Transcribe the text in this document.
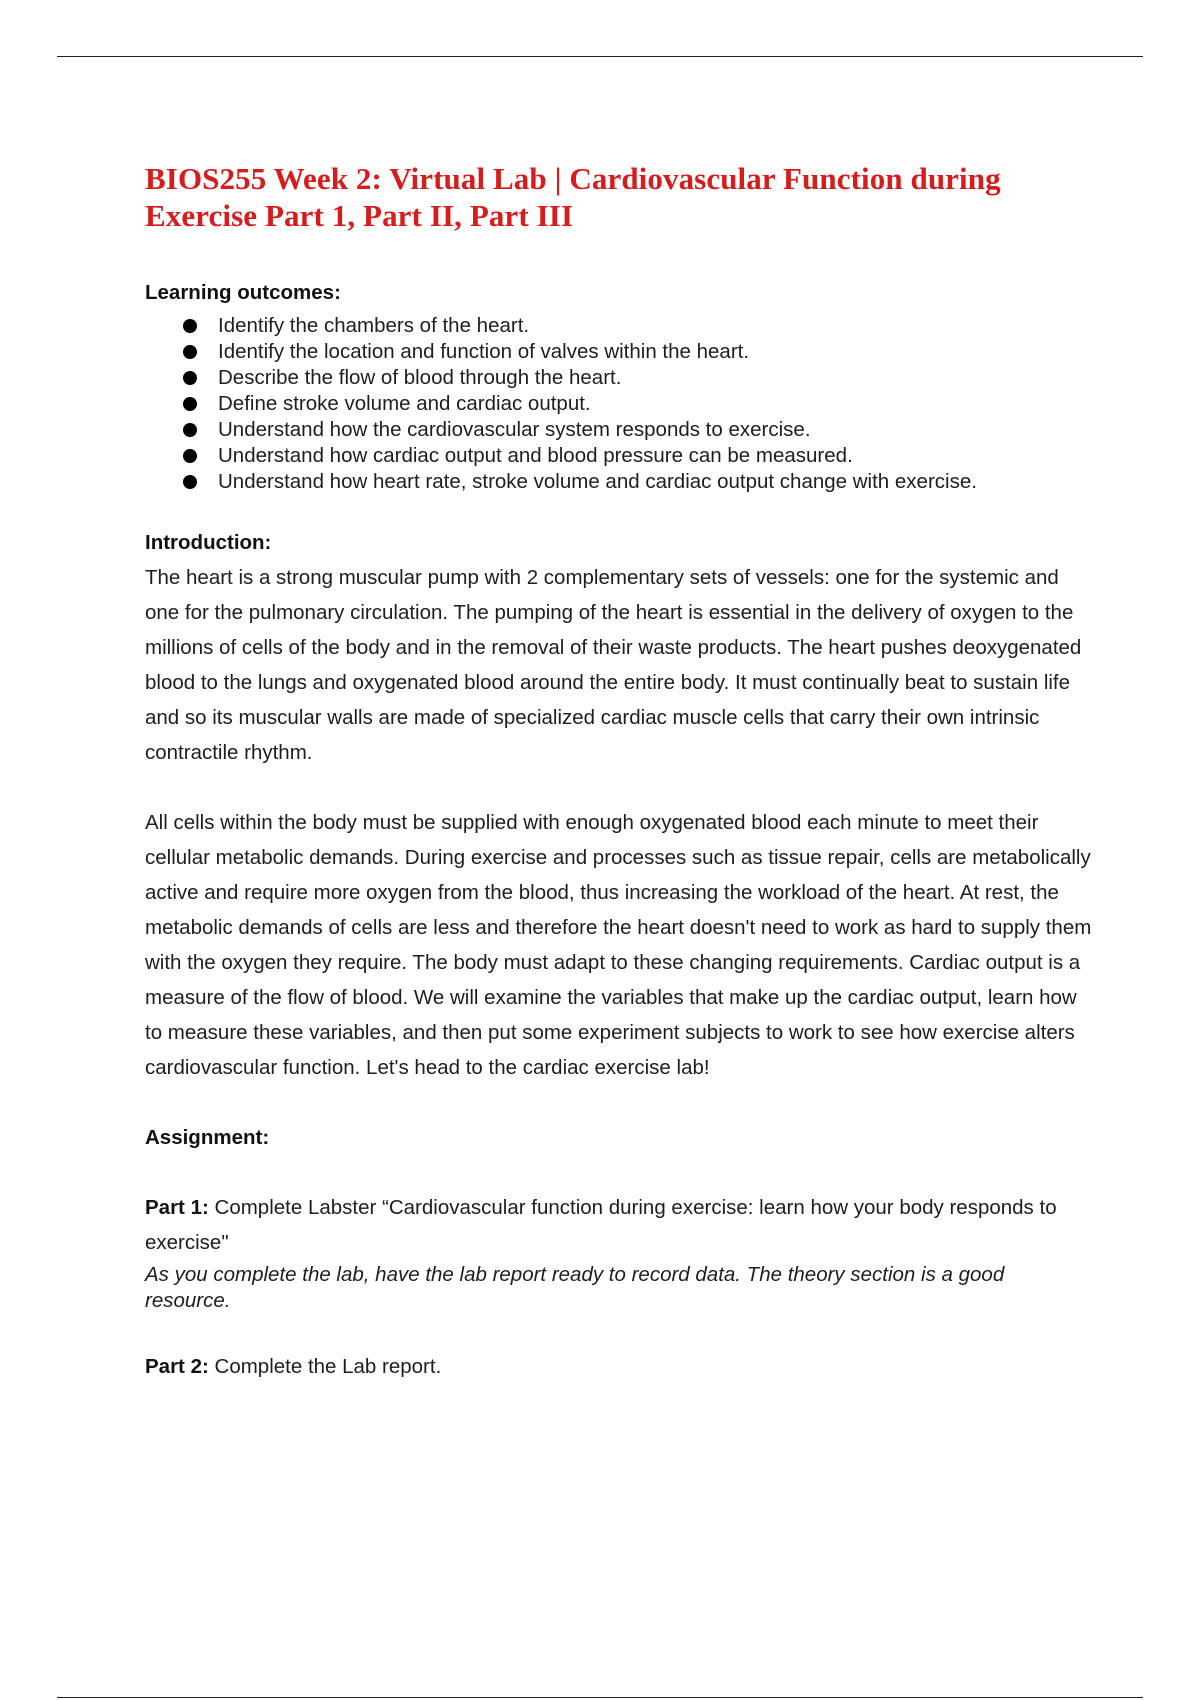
BIOS255 Week 2: Virtual Lab | Cardiovascular Function during Exercise Part 1, Part II, Part III
Learning outcomes:
Identify the chambers of the heart.
Identify the location and function of valves within the heart.
Describe the flow of blood through the heart.
Define stroke volume and cardiac output.
Understand how the cardiovascular system responds to exercise.
Understand how cardiac output and blood pressure can be measured.
Understand how heart rate, stroke volume and cardiac output change with exercise.
Introduction:

The heart is a strong muscular pump with 2 complementary sets of vessels: one for the systemic and one for the pulmonary circulation. The pumping of the heart is essential in the delivery of oxygen to the millions of cells of the body and in the removal of their waste products. The heart pushes deoxygenated blood to the lungs and oxygenated blood around the entire body. It must continually beat to sustain life and so its muscular walls are made of specialized cardiac muscle cells that carry their own intrinsic contractile rhythm.

All cells within the body must be supplied with enough oxygenated blood each minute to meet their cellular metabolic demands. During exercise and processes such as tissue repair, cells are metabolically active and require more oxygen from the blood, thus increasing the workload of the heart. At rest, the metabolic demands of cells are less and therefore the heart doesn't need to work as hard to supply them with the oxygen they require. The body must adapt to these changing requirements. Cardiac output is a measure of the flow of blood. We will examine the variables that make up the cardiac output, learn how to measure these variables, and then put some experiment subjects to work to see how exercise alters cardiovascular function. Let's head to the cardiac exercise lab!

Assignment:

Part 1: Complete Labster “Cardiovascular function during exercise: learn how your body responds to exercise"

As you complete the lab, have the lab report ready to record data. The theory section is a good resource.

Part 2: Complete the Lab report.
